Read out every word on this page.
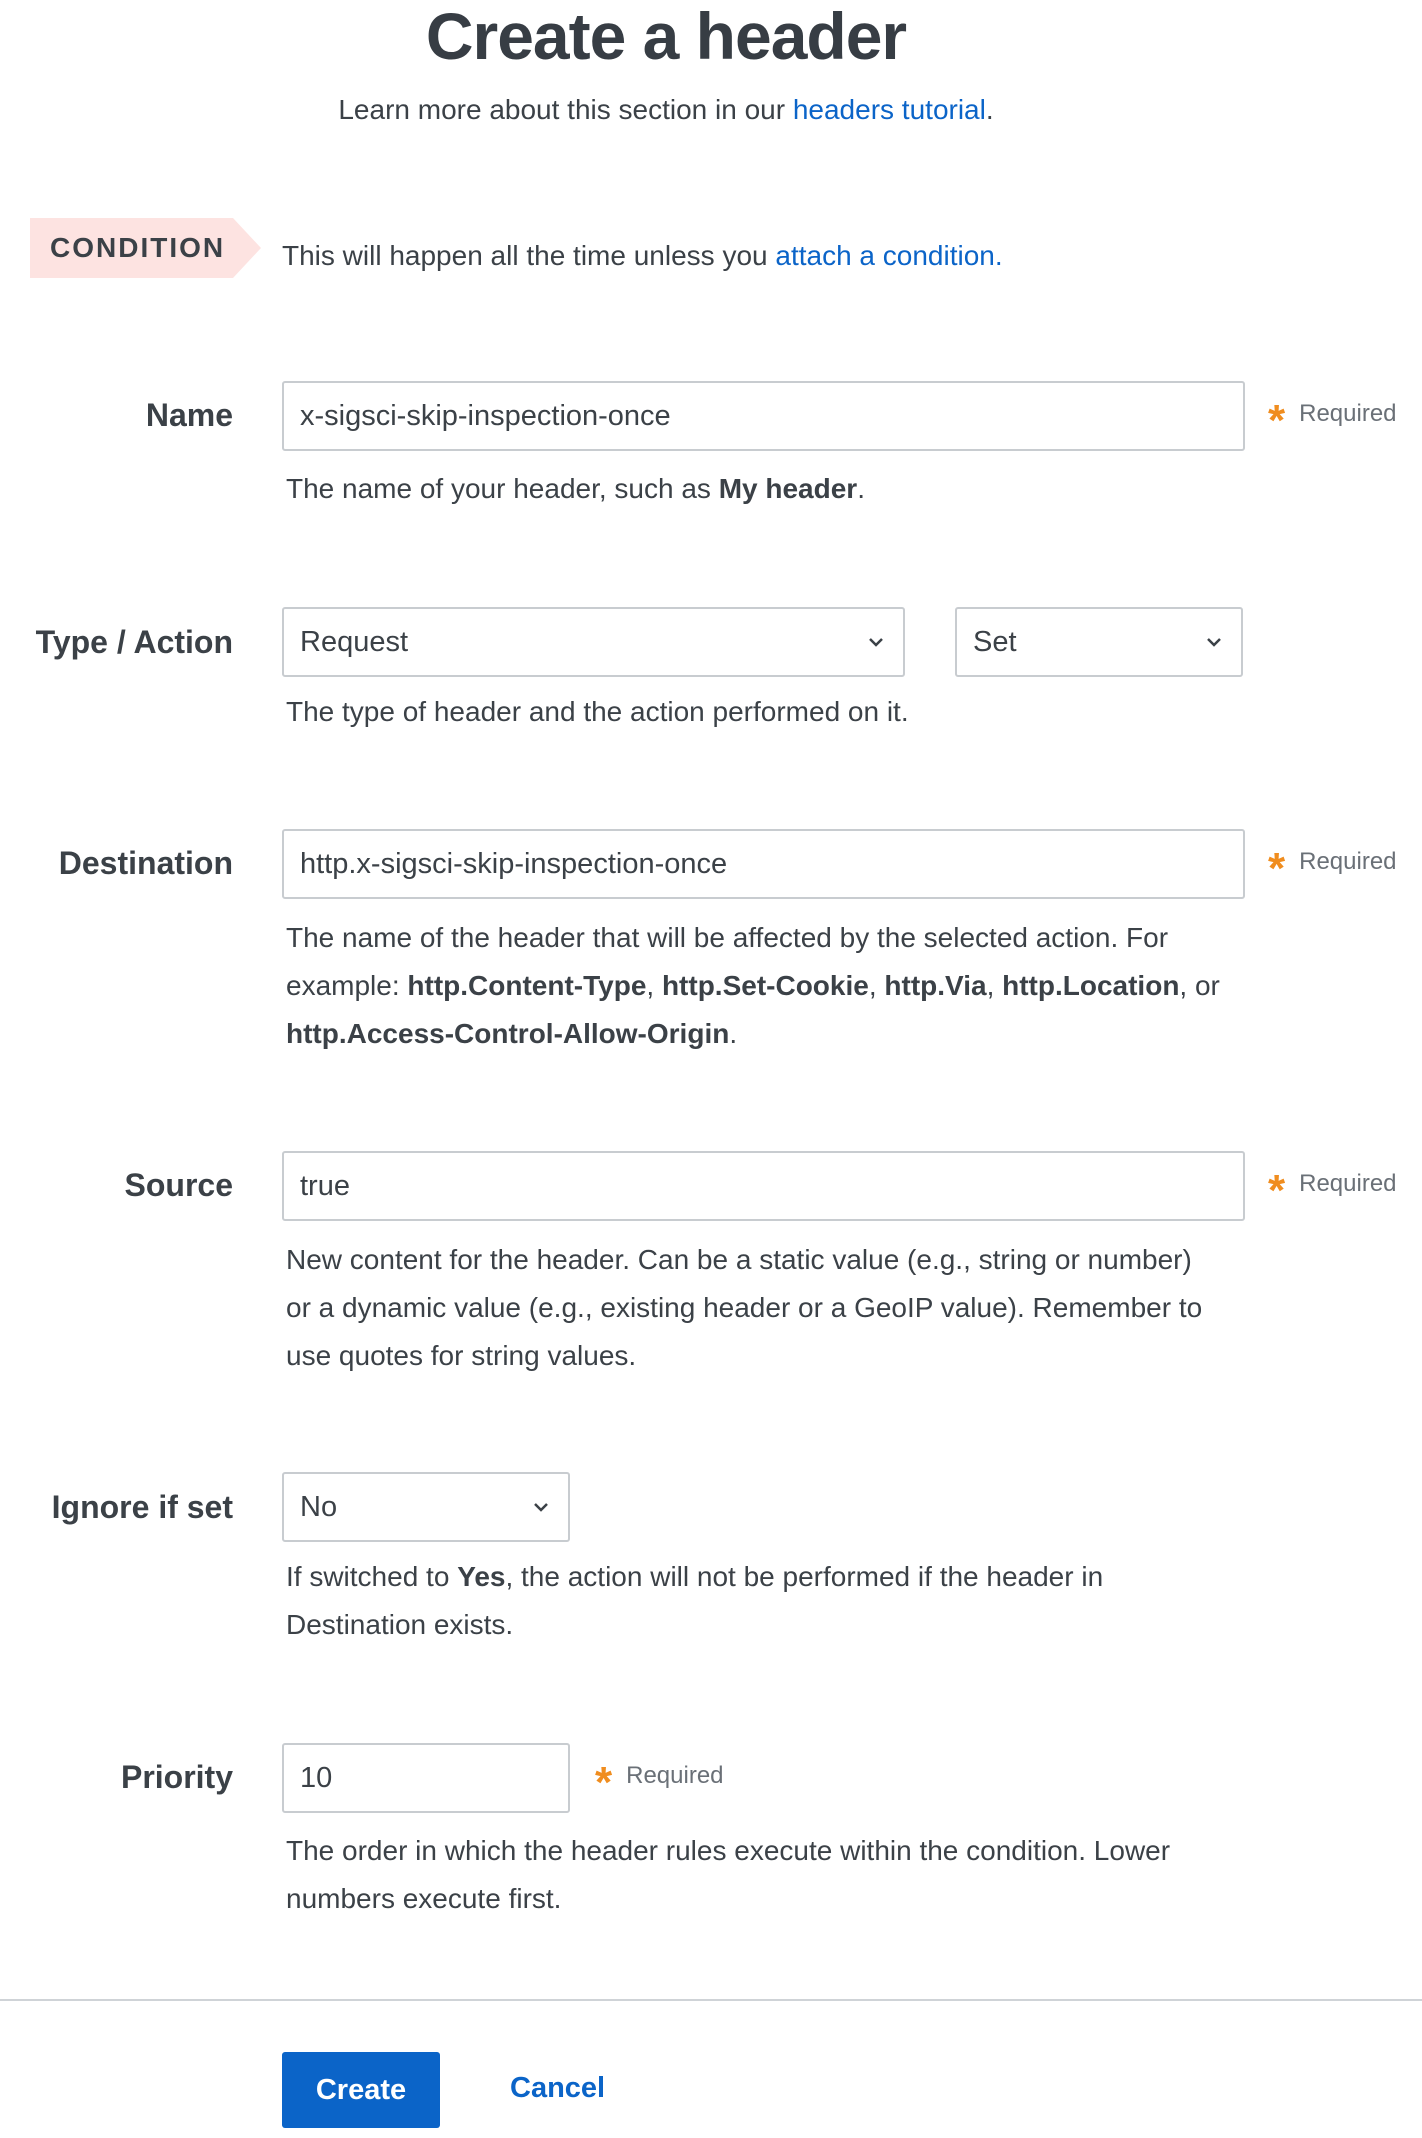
Create a header
Learn more about this section in our headers tutorial.
CONDITION This will happen all the time unless you attach a condition.
Name	x-sigsci-skip-inspection-once	* Required
The name of your header, such as My header.
Type / Action	Request	Set
The type of header and the action performed on it.
Destination	http.x-sigsci-skip-inspection-once	* Required
The name of the header that will be affected by the selected action. For example: http.Content-Type, http.Set-Cookie, http.Via, http.Location, or http.Access-Control-Allow-Origin.
Source	true	* Required
New content for the header. Can be a static value (e.g., string or number) or a dynamic value (e.g., existing header or a GeoIP value). Remember to use quotes for string values.
Ignore if set	No
If switched to Yes, the action will not be performed if the header in Destination exists.
Priority	10	* Required
The order in which the header rules execute within the condition. Lower numbers execute first.
Create	Cancel
